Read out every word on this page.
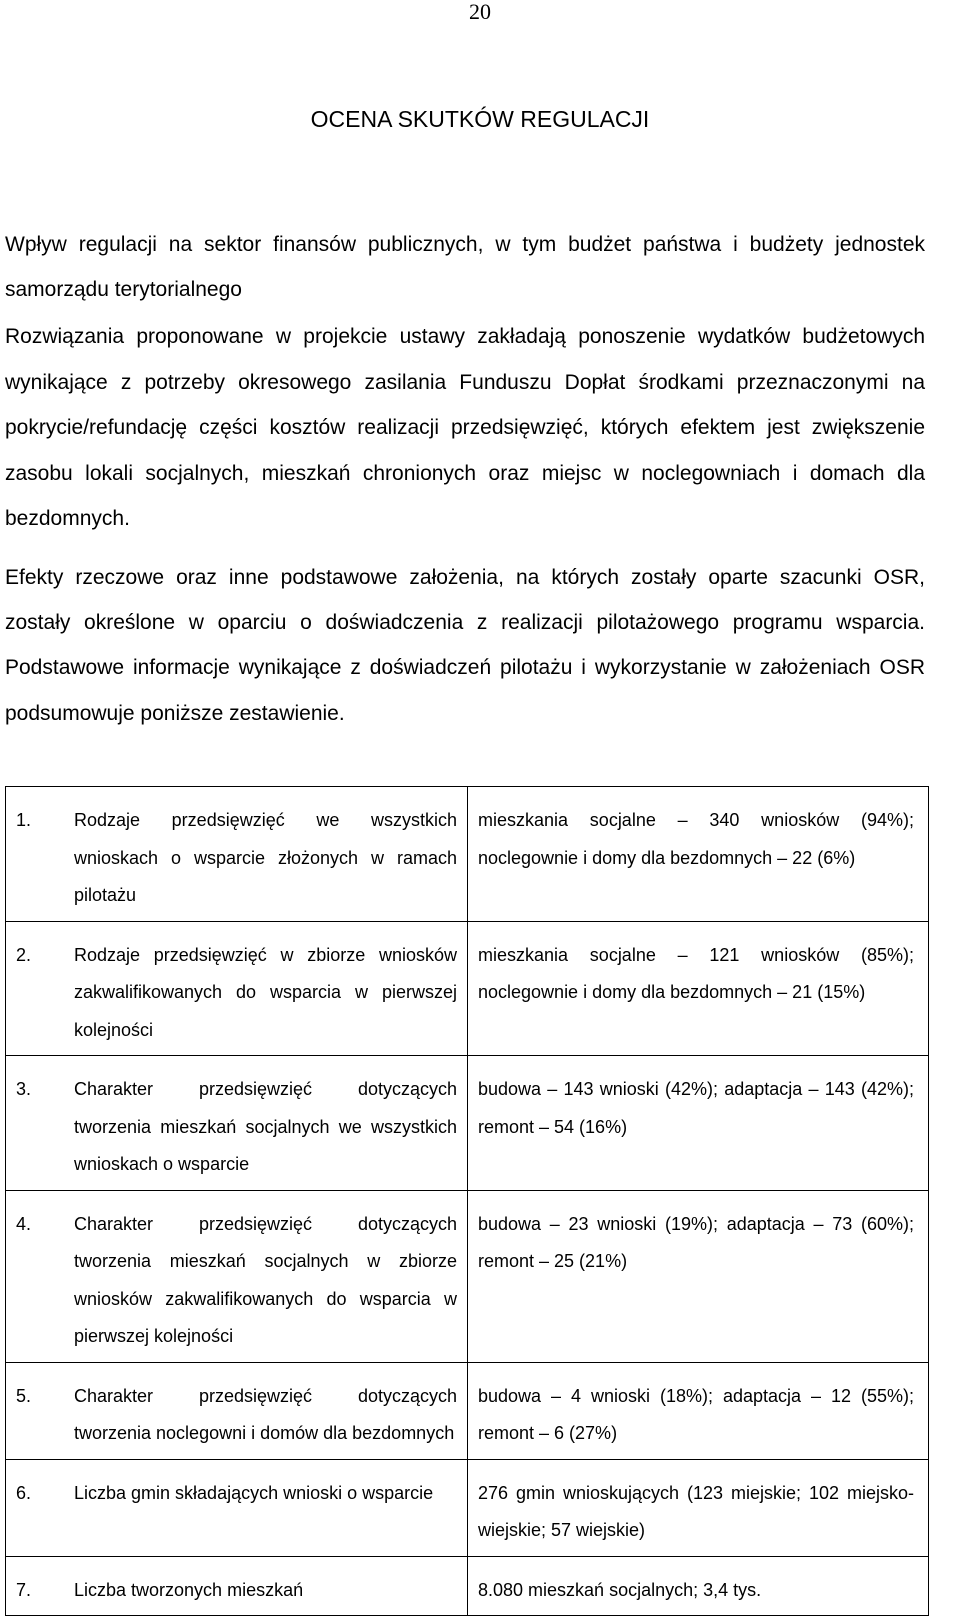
20
OCENA SKUTKÓW REGULACJI

Wpływ regulacji na sektor finansów publicznych, w tym budżet państwa i budżety jednostek samorządu terytorialnego

Rozwiązania proponowane w projekcie ustawy zakładają ponoszenie wydatków budżetowych wynikające z potrzeby okresowego zasilania Funduszu Dopłat środkami przeznaczonymi na pokrycie/refundację części kosztów realizacji przedsięwzięć, których efektem jest zwiększenie zasobu lokali socjalnych, mieszkań chronionych oraz miejsc w noclegowniach i domach dla bezdomnych.

Efekty rzeczowe oraz inne podstawowe założenia, na których zostały oparte szacunki OSR, zostały określone w oparciu o doświadczenia z realizacji pilotażowego programu wsparcia. Podstawowe informacje wynikające z doświadczeń pilotażu i wykorzystanie w założeniach OSR podsumowuje poniższe zestawienie.

1. Rodzaje przedsięwzięć we wszystkich wnioskach o wsparcie złożonych w ramach pilotażu	mieszkania socjalne – 340 wniosków (94%); noclegownie i domy dla bezdomnych – 22 (6%)

2. Rodzaje przedsięwzięć w zbiorze wniosków zakwalifikowanych do wsparcia w pierwszej kolejności	mieszkania socjalne – 121 wniosków (85%); noclegownie i domy dla bezdomnych – 21 (15%)

3. Charakter przedsięwzięć dotyczących tworzenia mieszkań socjalnych we wszystkich wnioskach o wsparcie	budowa – 143 wnioski (42%); adaptacja – 143 (42%); remont – 54 (16%)

4. Charakter przedsięwzięć dotyczących tworzenia mieszkań socjalnych w zbiorze wniosków zakwalifikowanych do wsparcia w pierwszej kolejności	budowa – 23 wnioski (19%); adaptacja – 73 (60%); remont – 25 (21%)

5. Charakter przedsięwzięć dotyczących tworzenia noclegowni i domów dla bezdomnych	budowa – 4 wnioski (18%); adaptacja – 12 (55%); remont – 6 (27%)

6. Liczba gmin składających wnioski o wsparcie	276 gmin wnioskujących (123 miejskie; 102 miejsko-wiejskie; 57 wiejskie)

7. Liczba tworzonych mieszkań	8.080 mieszkań socjalnych; 3,4 tys.
